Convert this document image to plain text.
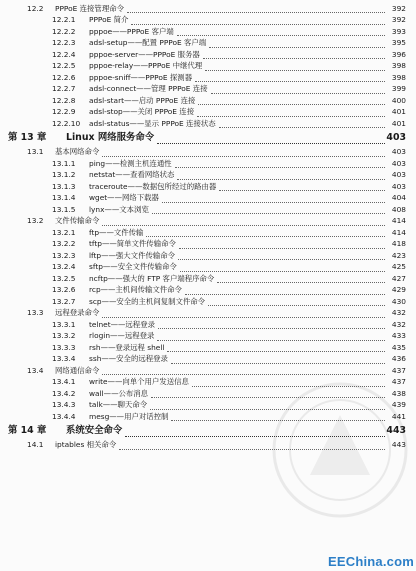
12.2	PPPoE 连接管理命令	392
12.2.1	PPPoE 简介	392
12.2.2	pppoe——PPPoE 客户端	393
12.2.3	adsl-setup——配置 PPPoE 客户端	395
12.2.4	pppoe-server——PPPoE 服务器	396
12.2.5	pppoe-relay——PPPoE 中继代理	398
12.2.6	pppoe-sniff——PPPoE 探测器	398
12.2.7	adsl-connect——管理 PPPoE 连接	399
12.2.8	adsl-start——启动 PPPoE 连接	400
12.2.9	adsl-stop——关闭 PPPoE 连接	401
12.2.10	adsl-status——显示 PPPoE 连接状态	401
第 13 章	Linux 网络服务命令	403
13.1	基本网络命令	403
13.1.1	ping——检测主机连通性	403
13.1.2	netstat——查看网络状态	403
13.1.3	traceroute——数据包所经过的路由器	403
13.1.4	wget——网络下载器	404
13.1.5	lynx——文本浏览	408
13.2	文件传输命令	414
13.2.1	ftp——文件传输	414
13.2.2	tftp——简单文件传输命令	418
13.2.3	lftp——强大文件传输命令	423
13.2.4	sftp——安全文件传输命令	425
13.2.5	ncftp——强大的 FTP 客户端程序命令	427
13.2.6	rcp——主机间传输文件命令	429
13.2.7	scp——安全的主机间复制文件命令	430
13.3	远程登录命令	432
13.3.1	telnet——远程登录	432
13.3.2	rlogin——远程登录	433
13.3.3	rsh——登录远程 shell	435
13.3.4	ssh——安全的远程登录	436
13.4	网络通信命令	437
13.4.1	write——向单个用户发送信息	437
13.4.2	wall——公布消息	438
13.4.3	talk——聊天命令	439
13.4.4	mesg——用户对话控制	441
第 14 章	系统安全命令	443
14.1	iptables 相关命令	443
EEChina.com
